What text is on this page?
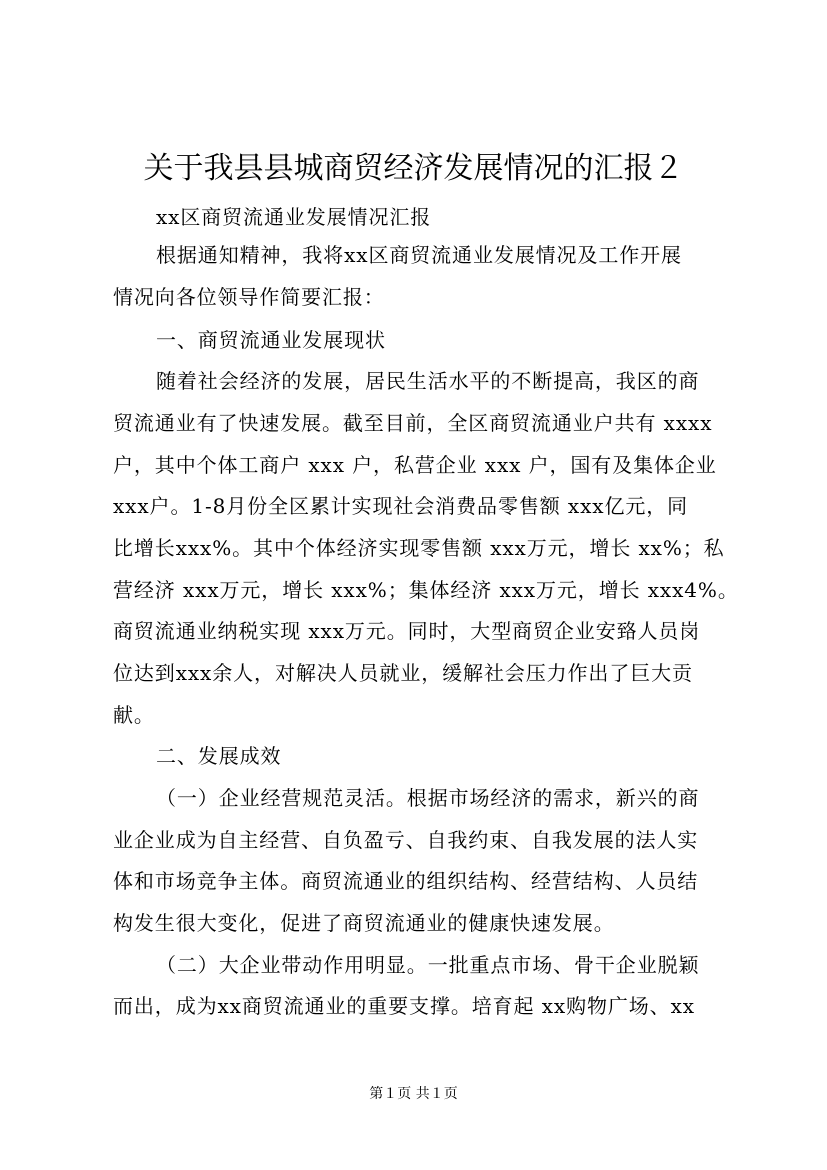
关于我县县城商贸经济发展情况的汇报２
xx区商贸流通业发展情况汇报
根据通知精神，我将xx区商贸流通业发展情况及工作开展
情况向各位领导作简要汇报：
一、商贸流通业发展现状
随着社会经济的发展，居民生活水平的不断提高，我区的商
贸流通业有了快速发展。截至目前，全区商贸流通业户共有 xxxx
户，其中个体工商户 xxx 户，私营企业 xxx 户，国有及集体企业
xxx户。1-8月份全区累计实现社会消费品零售额 xxx亿元，同
比增长xxx%。其中个体经济实现零售额 xxx万元，增长 xx%；私
营经济 xxx万元，增长 xxx%；集体经济 xxx万元，增长 xxx4%。
商贸流通业纳税实现 xxx万元。同时，大型商贸企业安臵人员岗
位达到xxx余人，对解决人员就业，缓解社会压力作出了巨大贡
献。
二、发展成效
（一）企业经营规范灵活。根据市场经济的需求，新兴的商
业企业成为自主经营、自负盈亏、自我约束、自我发展的法人实
体和市场竞争主体。商贸流通业的组织结构、经营结构、人员结
构发生很大变化，促进了商贸流通业的健康快速发展。
（二）大企业带动作用明显。一批重点市场、骨干企业脱颖
而出，成为xx商贸流通业的重要支撑。培育起 xx购物广场、xx
第１页 共１页
